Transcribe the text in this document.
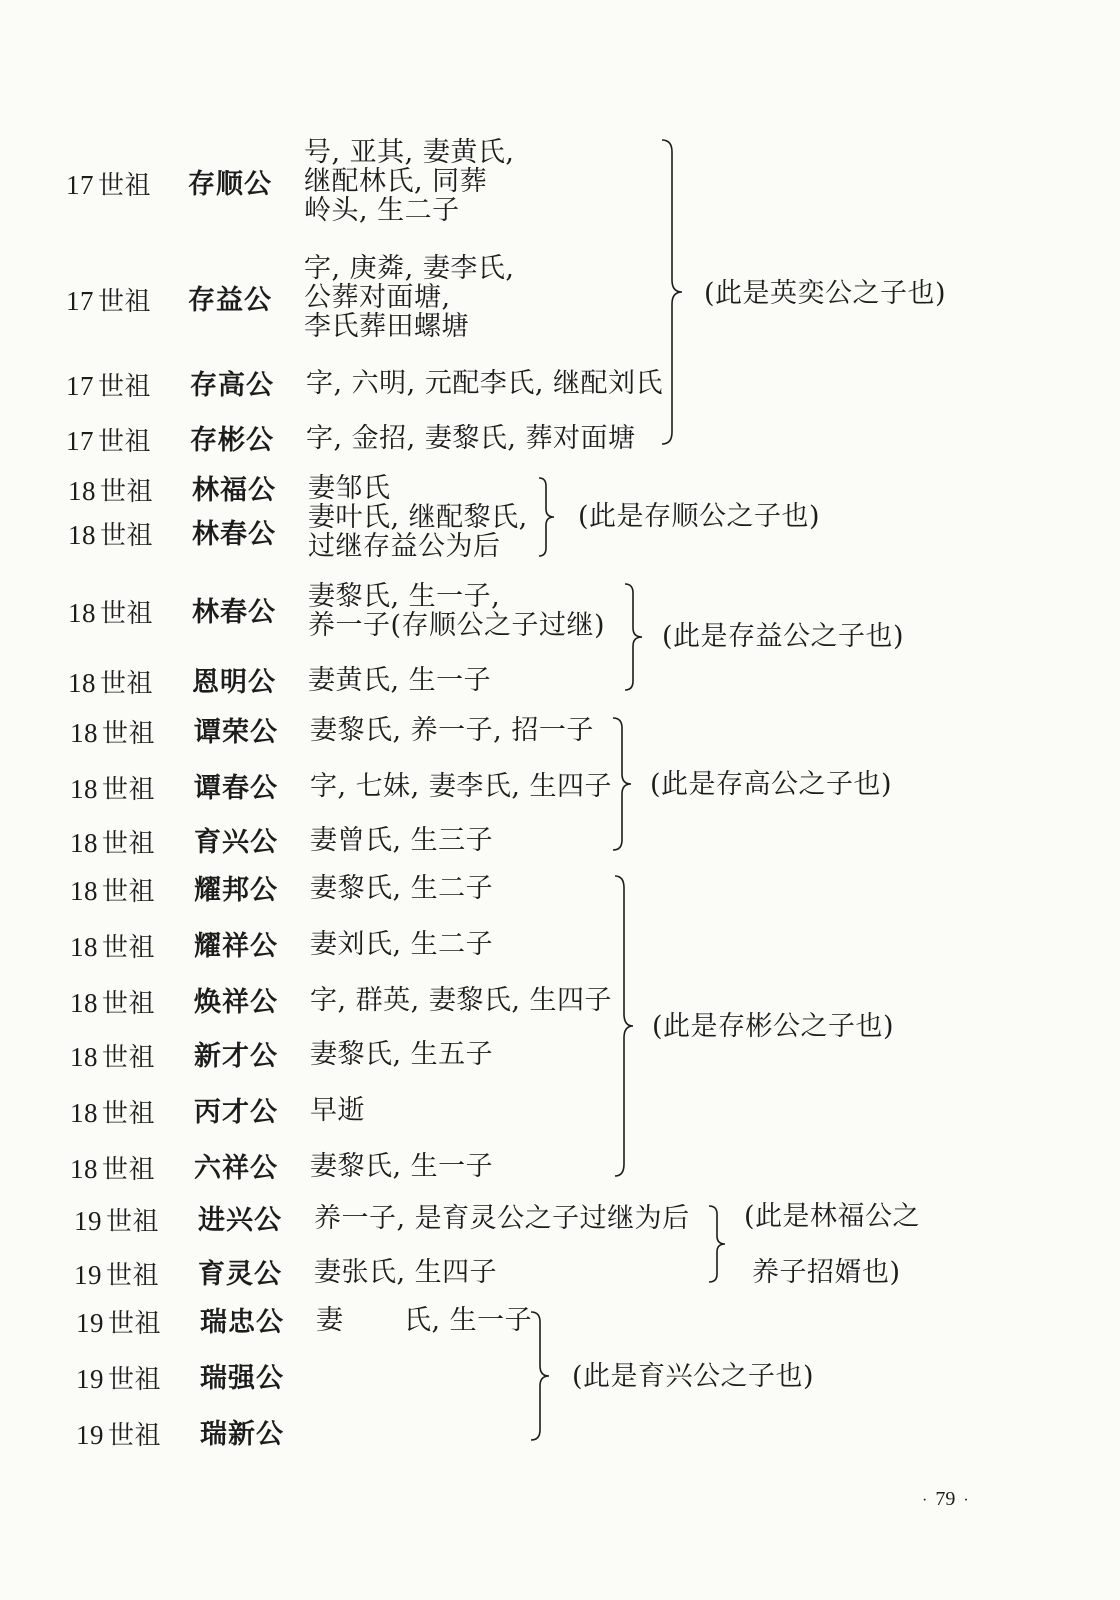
17 世祖 存顺公
号, 亚其, 妻黄氏,
继配林氏, 同葬
岭头, 生二子
17 世祖 存益公
字, 庚粦, 妻李氏,
公葬对面塘,
李氏葬田螺塘
17 世祖 存高公 字, 六明, 元配李氏, 继配刘氏
17 世祖 存彬公 字, 金招, 妻黎氏, 葬对面塘
(此是英奕公之子也)
18 世祖 林福公 妻邹氏
18 世祖 林春公
妻叶氏, 继配黎氏,
过继存益公为后
(此是存顺公之子也)
18 世祖 林春公
妻黎氏, 生一子,
养一子(存顺公之子过继)
18 世祖 恩明公 妻黄氏, 生一子
(此是存益公之子也)
18 世祖 谭荣公 妻黎氏, 养一子, 招一子
18 世祖 谭春公 字, 七妹, 妻李氏, 生四子
18 世祖 育兴公 妻曾氏, 生三子
(此是存高公之子也)
18 世祖 耀邦公 妻黎氏, 生二子
18 世祖 耀祥公 妻刘氏, 生二子
18 世祖 焕祥公 字, 群英, 妻黎氏, 生四子
18 世祖 新才公 妻黎氏, 生五子
18 世祖 丙才公 早逝
18 世祖 六祥公 妻黎氏, 生一子
(此是存彬公之子也)
19 世祖 进兴公 养一子, 是育灵公之子过继为后
19 世祖 育灵公 妻张氏, 生四子
(此是林福公之
养子招婿也)
19 世祖 瑞忠公 妻 氏, 生一子
19 世祖 瑞强公
19 世祖 瑞新公
(此是育兴公之子也)
· 79 ·
